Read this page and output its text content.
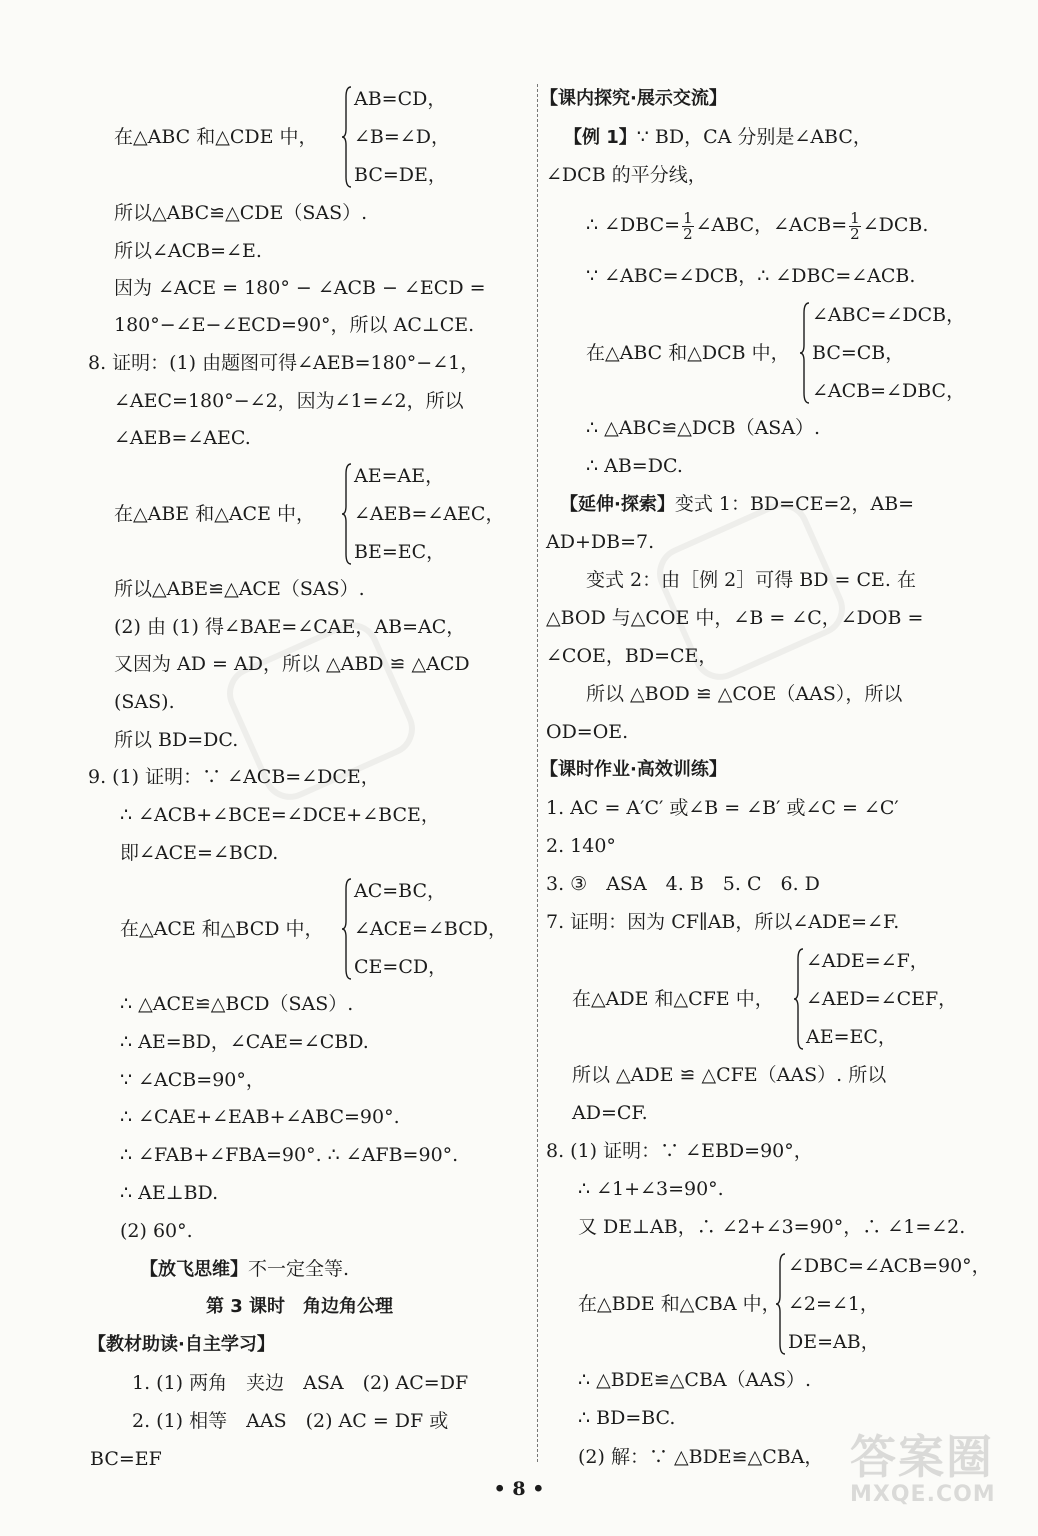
在△ABC 和△CDE 中，
AB=CD，
∠B=∠D，
BC=DE，
所以△ABC≌△CDE（SAS）.
所以∠ACB=∠E.
因为 ∠ACE = 180° − ∠ACB − ∠ECD =
180°−∠E−∠ECD=90°，所以 AC⊥CE.
8. 证明：(1) 由题图可得∠AEB=180°−∠1，
∠AEC=180°−∠2，因为∠1=∠2，所以
∠AEB=∠AEC.
在△ABE 和△ACE 中，
AE=AE，
∠AEB=∠AEC，
BE=EC，
所以△ABE≌△ACE（SAS）.
(2) 由 (1) 得∠BAE=∠CAE，AB=AC，
又因为 AD = AD，所以 △ABD ≌ △ACD
(SAS).
所以 BD=DC.
9. (1) 证明：∵ ∠ACB=∠DCE，
∴ ∠ACB+∠BCE=∠DCE+∠BCE，
即∠ACE=∠BCD.
在△ACE 和△BCD 中，
AC=BC，
∠ACE=∠BCD，
CE=CD，
∴ △ACE≌△BCD（SAS）.
∴ AE=BD，∠CAE=∠CBD.
∵ ∠ACB=90°，
∴ ∠CAE+∠EAB+∠ABC=90°.
∴ ∠FAB+∠FBA=90°. ∴ ∠AFB=90°.
∴ AE⊥BD.
(2) 60°.
【放飞思维】不一定全等.
第 3 课时　角边角公理
【教材助读·自主学习】
1. (1) 两角　夹边　ASA　(2) AC=DF
2. (1) 相等　AAS　(2) AC = DF 或
BC=EF
【课内探究·展示交流】
【例 1】∵ BD，CA 分别是∠ABC，
∠DCB 的平分线，
∴ ∠DBC= $\frac{1}{2}$ ∠ABC，∠ACB= $\frac{1}{2}$ ∠DCB.
∵ ∠ABC=∠DCB，∴ ∠DBC=∠ACB.
在△ABC 和△DCB 中，
∠ABC=∠DCB，
BC=CB，
∠ACB=∠DBC，
∴ △ABC≌△DCB（ASA）.
∴ AB=DC.
【延伸·探索】变式 1：BD=CE=2，AB=
AD+DB=7.
变式 2：由［例 2］可得 BD = CE. 在
△BOD 与△COE 中，∠B = ∠C，∠DOB =
∠COE，BD=CE，
所以 △BOD ≌ △COE（AAS），所以
OD=OE.
【课时作业·高效训练】
1. AC = A′C′ 或∠B = ∠B′ 或∠C = ∠C′
2. 140°
3. ③　ASA　4. B　5. C　6. D
7. 证明：因为 CF∥AB，所以∠ADE=∠F.
在△ADE 和△CFE 中，
∠ADE=∠F，
∠AED=∠CEF，
AE=EC，
所以 △ADE ≌ △CFE（AAS）. 所以
AD=CF.
8. (1) 证明：∵ ∠EBD=90°，
∴ ∠1+∠3=90°.
又 DE⊥AB，∴ ∠2+∠3=90°，∴ ∠1=∠2.
在△BDE 和△CBA 中，
∠DBC=∠ACB=90°，
∠2=∠1，
DE=AB，
∴ △BDE≌△CBA（AAS）.
∴ BD=BC.
(2) 解：∵ △BDE≌△CBA，
• 8 •
答案圈
MXQE.COM
